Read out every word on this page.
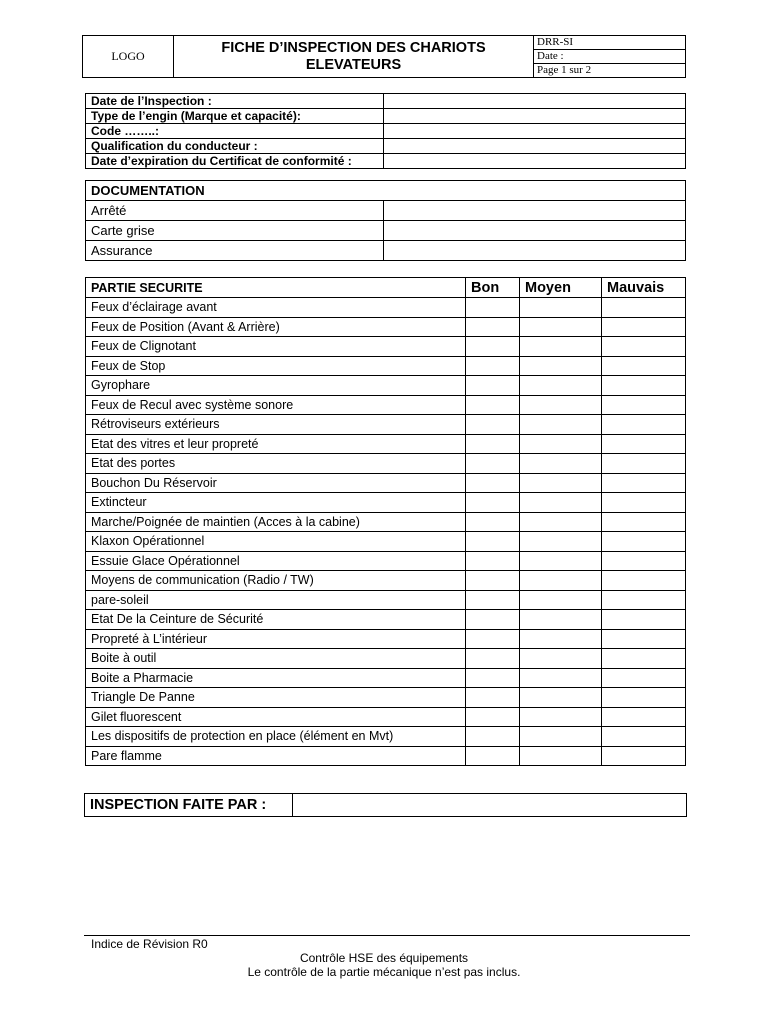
LOGO	
FICHE D’INSPECTION DES CHARIOTS
ELEVATEURS
	DRR-SI
Date :
Page 1 sur 2
Date de l’Inspection :	
Type de l’engin (Marque et capacité):	
Code ……..:	
Qualification du conducteur :	
Date d’expiration du Certificat de conformité :	
DOCUMENTATION	
Arrêté	
Carte grise	
Assurance	
PARTIE SECURITE	Bon	Moyen	Mauvais
Feux d’éclairage avant			
Feux de Position (Avant & Arrière)			
Feux de Clignotant			
Feux de Stop			
Gyrophare			
Feux de Recul avec système sonore			
Rétroviseurs extérieurs			
Etat des vitres et leur propreté			
Etat des portes			
Bouchon Du Réservoir			
Extincteur			
Marche/Poignée de maintien (Acces à la cabine)			
Klaxon Opérationnel			
Essuie Glace Opérationnel			
Moyens de communication (Radio / TW)			
pare-soleil			
Etat De la Ceinture de Sécurité			
Propreté à L’intérieur			
Boite à outil			
Boite a Pharmacie			
Triangle De Panne			
Gilet fluorescent			
Les dispositifs de protection en place (élément en Mvt)			
Pare flamme			
INSPECTION FAITE PAR :	
Indice de Révision R0
Contrôle HSE des équipements
Le contrôle de la partie mécanique n’est pas inclus.
